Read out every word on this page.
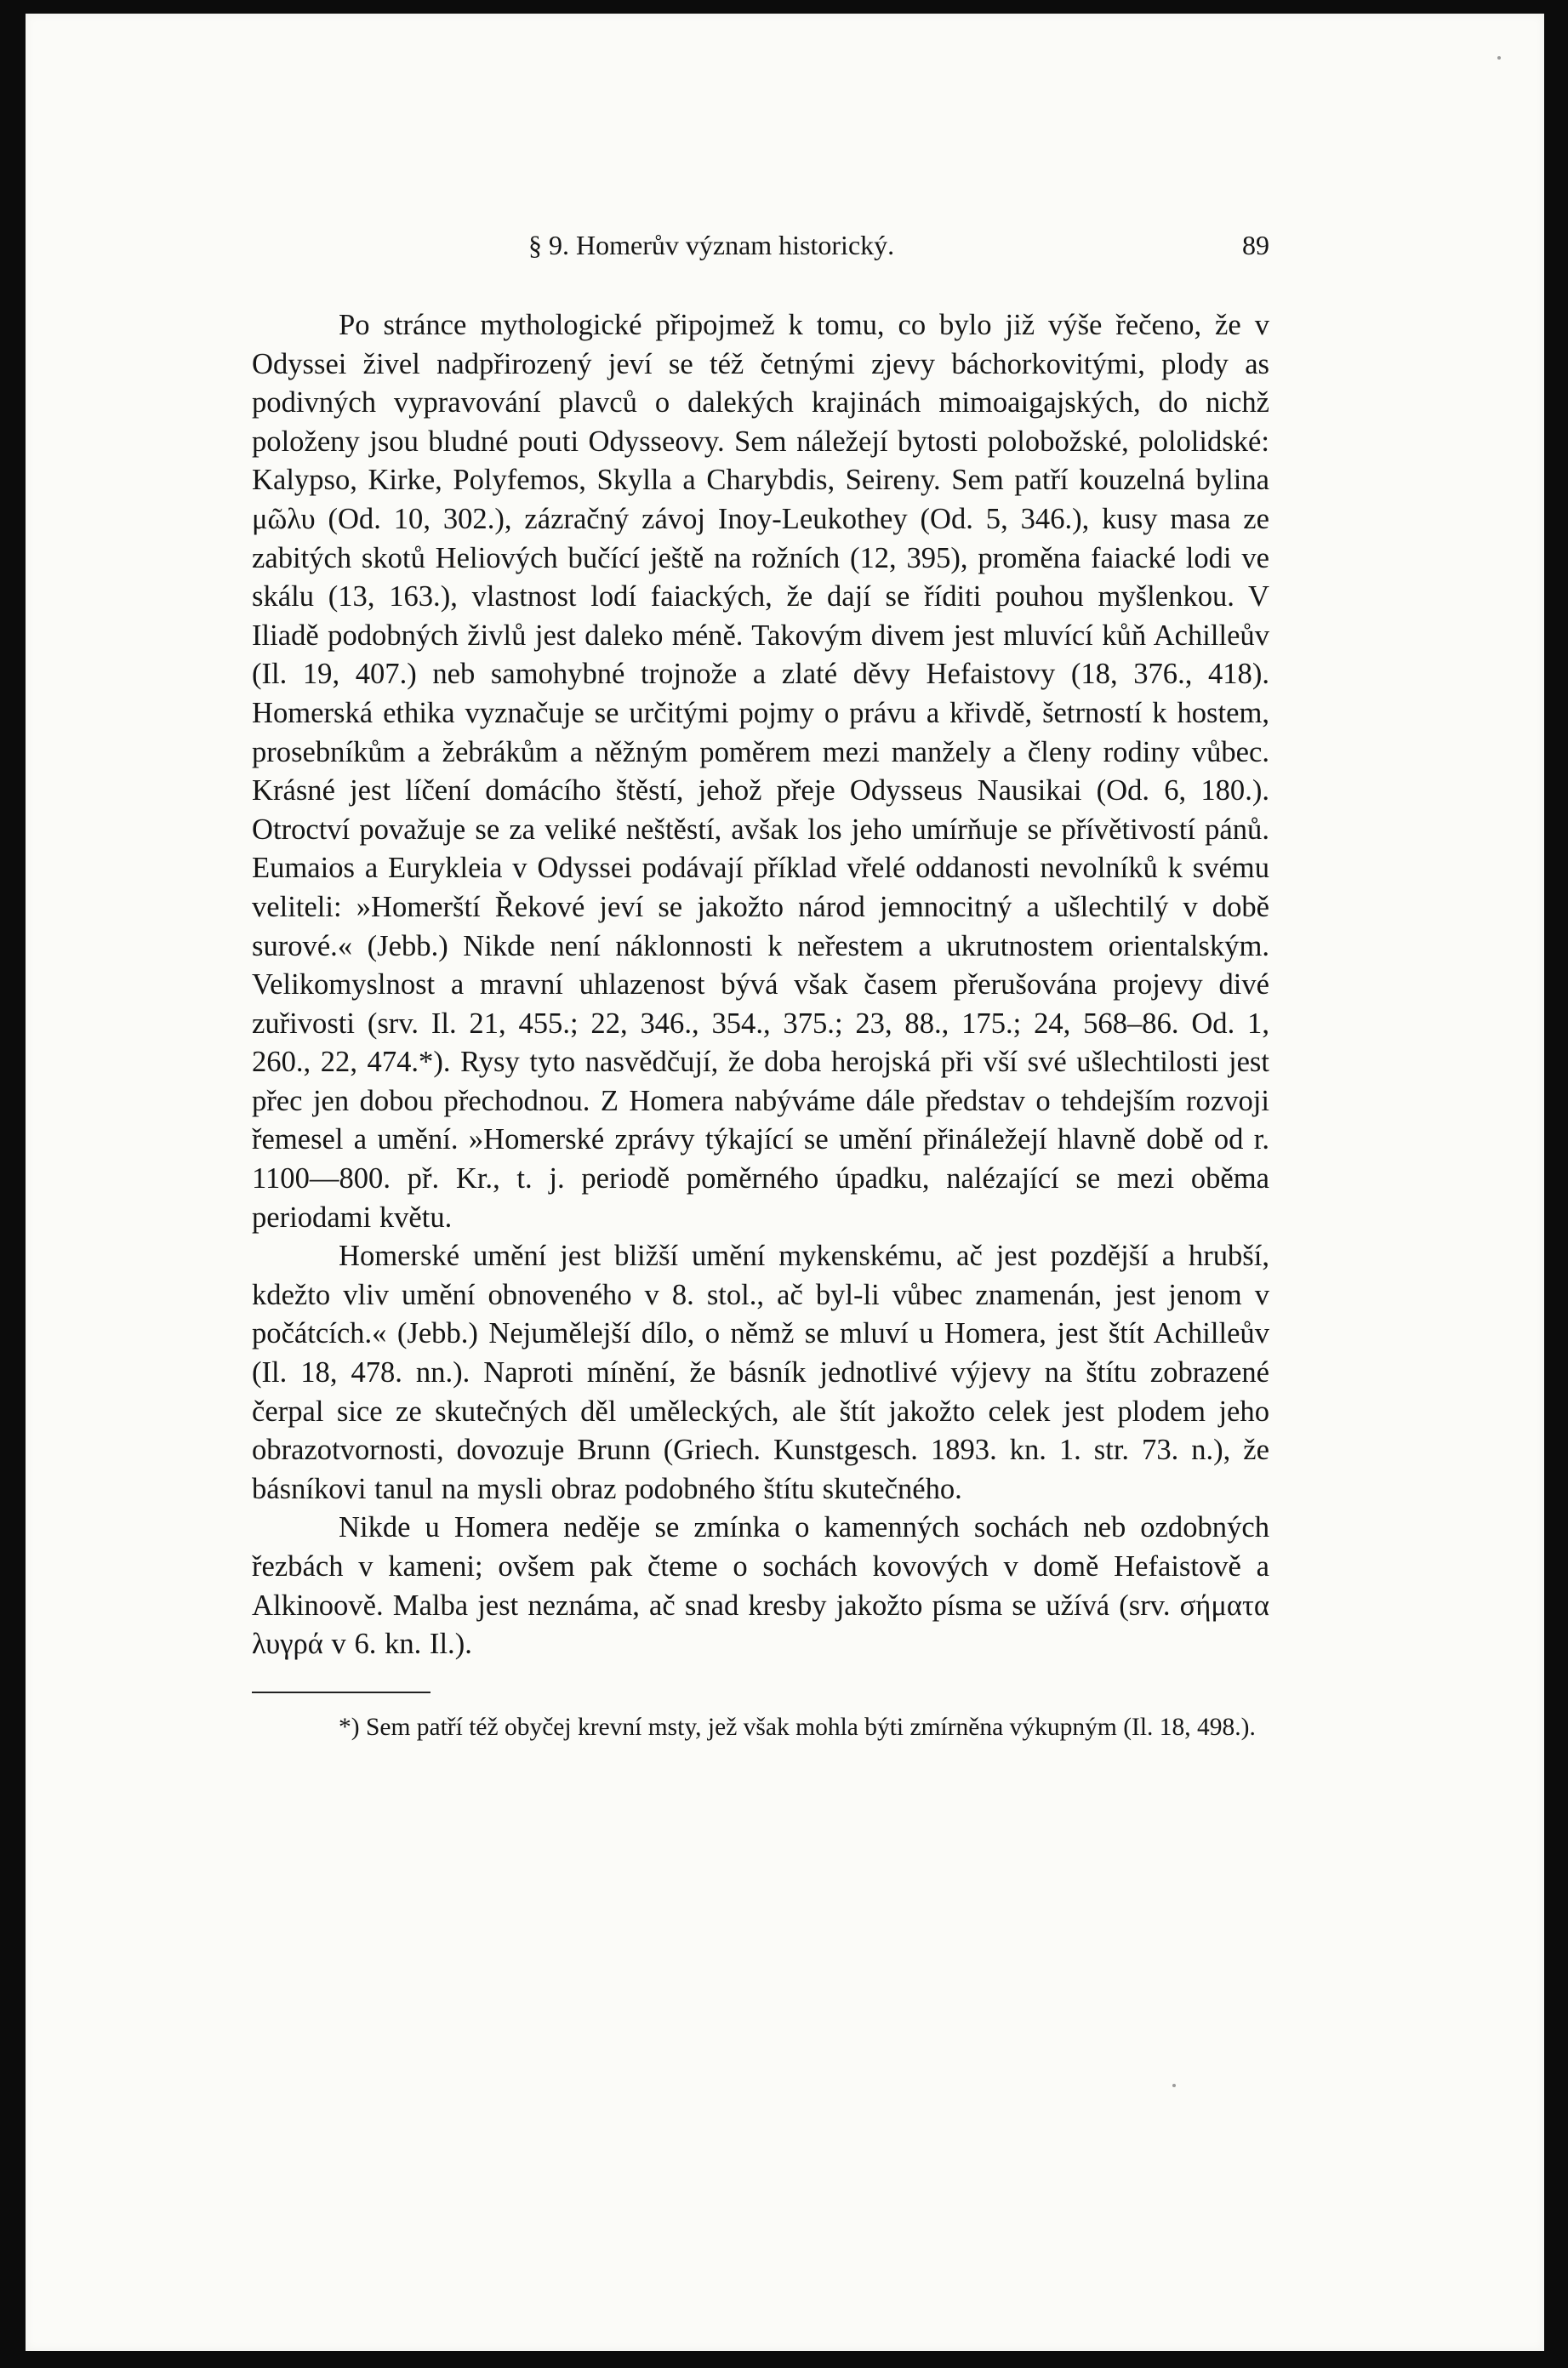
§ 9. Homerův význam historický.	89

Po stránce mythologické připojmež k tomu, co bylo již výše řečeno, že v Odyssei živel nadpřirozený jeví se též četnými zjevy báchorkovitými, plody as podivných vypravování plavců o dalekých krajinách mimoaigajských, do nichž položeny jsou bludné pouti Odysseovy. Sem náležejí bytosti polobožské, pololidské: Kalypso, Kirke, Polyfemos, Skylla a Charybdis, Seireny. Sem patří kouzelná bylina μῶλυ (Od. 10, 302.), zázračný závoj Inoy-Leukothey (Od. 5, 346.), kusy masa ze zabitých skotů Heliových bučící ještě na rožních (12, 395), proměna faiacké lodi ve skálu (13, 163.), vlastnost lodí faiackých, že dají se říditi pouhou myšlenkou. V Iliadě podobných živlů jest daleko méně. Takovým divem jest mluvící kůň Achilleův (Il. 19, 407.) neb samohybné trojnože a zlaté děvy Hefaistovy (18, 376., 418). Homerská ethika vyznačuje se určitými pojmy o právu a křivdě, šetrností k hostem, prosebníkům a žebrákům a něžným poměrem mezi manžely a členy rodiny vůbec. Krásné jest líčení domácího štěstí, jehož přeje Odysseus Nausikai (Od. 6, 180.). Otroctví považuje se za veliké neštěstí, avšak los jeho umírňuje se přívětivostí pánů. Eumaios a Eurykleia v Odyssei podávají příklad vřelé oddanosti nevolníků k svému veliteli: »Homerští Řekové jeví se jakožto národ jemnocitný a ušlechtilý v době surové.« (Jebb.) Nikde není náklonnosti k neřestem a ukrutnostem orientalským. Velikomyslnost a mravní uhlazenost bývá však časem přerušována projevy divé zuřivosti (srv. Il. 21, 455.; 22, 346., 354., 375.; 23, 88., 175.; 24, 568–86. Od. 1, 260., 22, 474.*). Rysy tyto nasvědčují, že doba herojská při vší své ušlechtilosti jest přec jen dobou přechodnou. Z Homera nabýváme dále představ o tehdejším rozvoji řemesel a umění. »Homerské zprávy týkající se umění přináležejí hlavně době od r. 1100—800. př. Kr., t. j. periodě poměrného úpadku, nalézající se mezi oběma periodami květu.

Homerské umění jest bližší umění mykenskému, ač jest pozdější a hrubší, kdežto vliv umění obnoveného v 8. stol., ač byl-li vůbec znamenán, jest jenom v počátcích.« (Jebb.) Nejumělejší dílo, o němž se mluví u Homera, jest štít Achilleův (Il. 18, 478. nn.). Naproti mínění, že básník jednotlivé výjevy na štítu zobrazené čerpal sice ze skutečných děl uměleckých, ale štít jakožto celek jest plodem jeho obrazotvornosti, dovozuje Brunn (Griech. Kunstgesch. 1893. kn. 1. str. 73. n.), že básníkovi tanul na mysli obraz podobného štítu skutečného.

Nikde u Homera neděje se zmínka o kamenných sochách neb ozdobných řezbách v kameni; ovšem pak čteme o sochách kovových v domě Hefaistově a Alkinoově. Malba jest neznáma, ač snad kresby jakožto písma se užívá (srv. σήματα λυγρά v 6. kn. Il.).

*) Sem patří též obyčej krevní msty, jež však mohla býti zmírněna výkupným (Il. 18, 498.).
